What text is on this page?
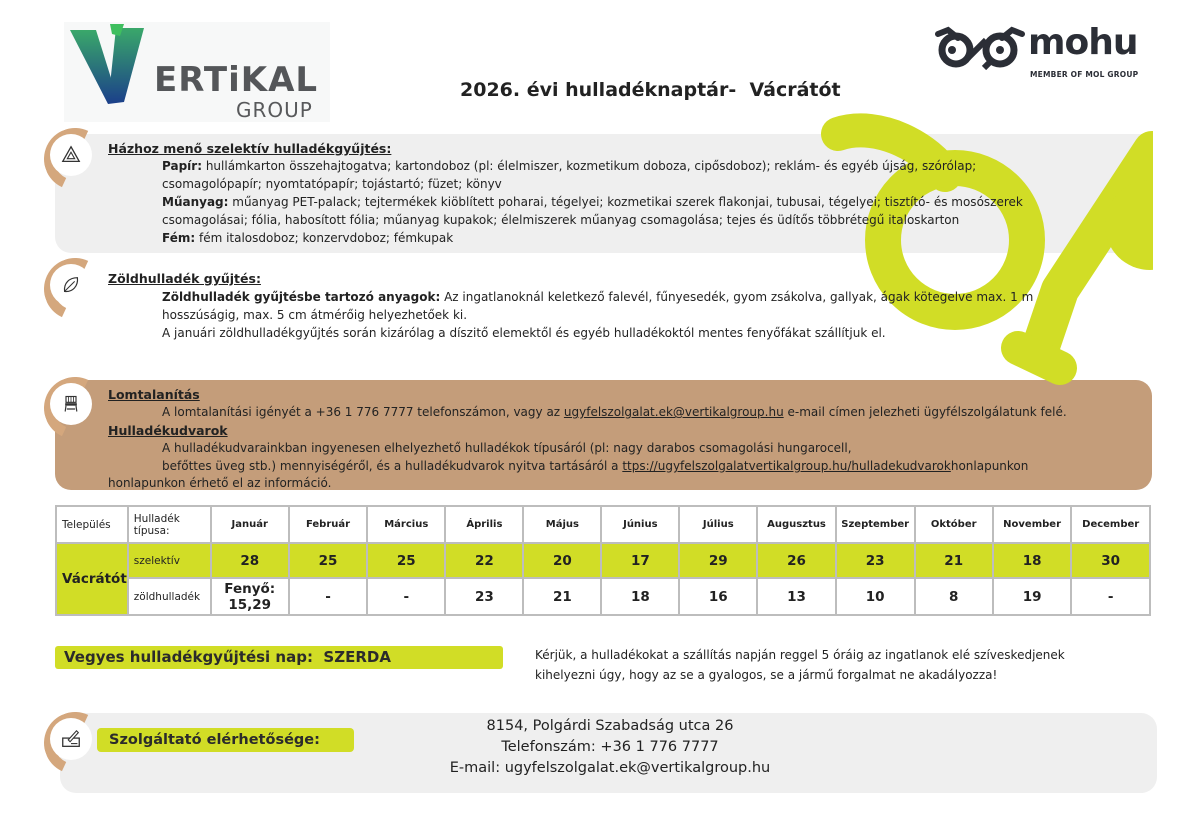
ERTiKAL
GROUP
mohu
MEMBER OF MOL GROUP
2026. évi hulladéknaptár-  Vácrátót
Házhoz menő szelektív hulladékgyűjtés:
Papír: hullámkarton összehajtogatva; kartondoboz (pl: élelmiszer, kozmetikum doboza, cipősdoboz); reklám- és egyéb újság, szórólap;
csomagolópapír; nyomtatópapír; tojástartó; füzet; könyv
Műanyag: műanyag PET-palack; tejtermékek kiöblített poharai, tégelyei; kozmetikai szerek flakonjai, tubusai, tégelyei; tisztító- és mosószerek
csomagolásai; fólia, habosított fólia; műanyag kupakok; élelmiszerek műanyag csomagolása; tejes és üdítős többrétegű italoskarton
Fém: fém italosdoboz; konzervdoboz; fémkupak
Zöldhulladék gyűjtés:
Zöldhulladék gyűjtésbe tartozó anyagok: Az ingatlanoknál keletkező falevél, fűnyesedék, gyom zsákolva, gallyak, ágak kötegelve max. 1 m
hosszúságig, max. 5 cm átmérőig helyezhetőek ki.
A januári zöldhulladékgyűjtés során kizárólag a díszitő elemektől és egyéb hulladékoktól mentes fenyőfákat szállítjuk el.
Lomtalanítás
A lomtalanítási igényét a +36 1 776 7777 telefonszámon, vagy az ugyfelszolgalat.ek@vertikalgroup.hu e-mail címen jelezheti ügyfélszolgálatunk felé.
Hulladékudvarok
A hulladékudvarainkban ingyenesen elhelyezhető hulladékok típusáról (pl: nagy darabos csomagolási hungarocell,
befőttes üveg stb.) mennyiségéről, és a hulladékudvarok nyitva tartásáról a ttps://ugyfelszolgalatvertikalgroup.hu/hulladekudvarokhonlapunkon
honlapunkon érhető el az információ.
Település	Hulladék típusa:	Január	Február	Március	Április	Május	Június	Július	Augusztus	Szeptember	Október	November	December
Vácrátót	szelektív	28	25	25	22	20	17	29	26	23	21	18	30
	zöldhulladék	Fenyő: 15,29	-	-	23	21	18	16	13	10	8	19	-
Vegyes hulladékgyűjtési nap:  SZERDA	Kérjük, a hulladékokat a szállítás napján reggel 5 óráig az ingatlanok elé szíveskedjenek
kihelyezni úgy, hogy az se a gyalogos, se a jármű forgalmat ne akadályozza!
Szolgáltató elérhetősége:
8154, Polgárdi Szabadság utca 26
Telefonszám: +36 1 776 7777
E-mail: ugyfelszolgalat.ek@vertikalgroup.hu
